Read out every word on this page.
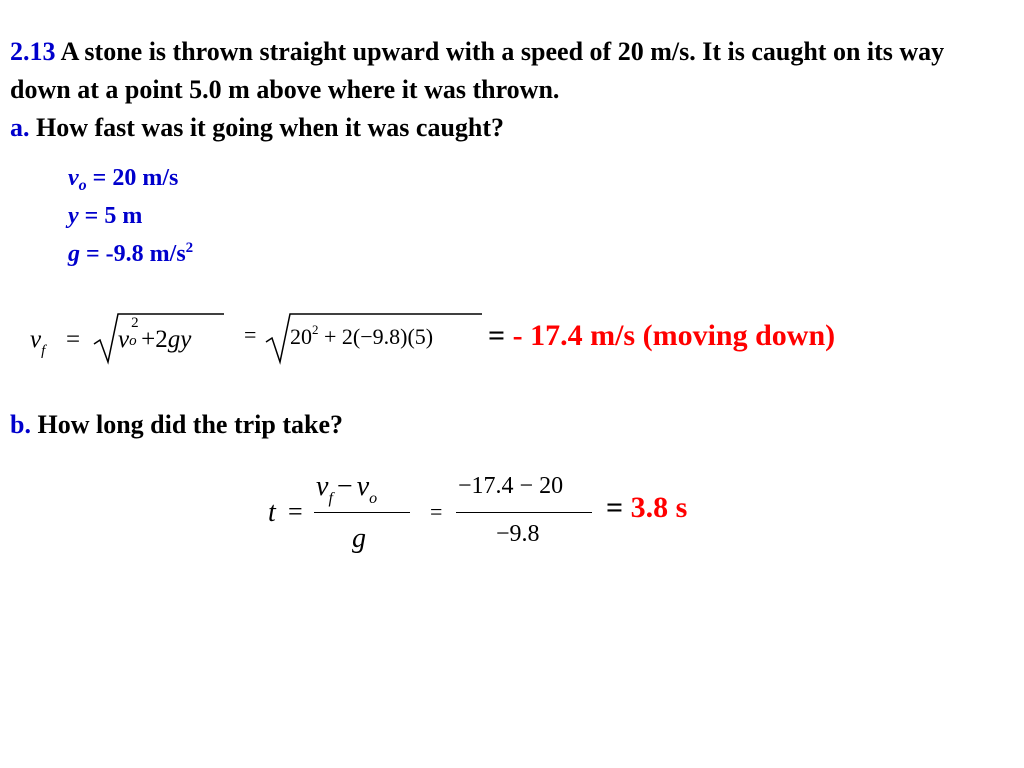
2.13 A stone is thrown straight upward with a speed of 20 m/s. It is caught on its way down at a point 5.0 m above where it was thrown.
a. How fast was it going when it was caught?
$v_o = 20$ m/s
y = 5 m
g = -9.8 $m/s^2$
$v_f = v$
2
$o +2gy = 20^2 + 2(-9.8)(5)$ = - 17.4 m/s (moving down)
b. How long did the trip take?
t =
$v_f - v_o$
g
=
−17.4 − 20
−9.8
= 3.8 s
